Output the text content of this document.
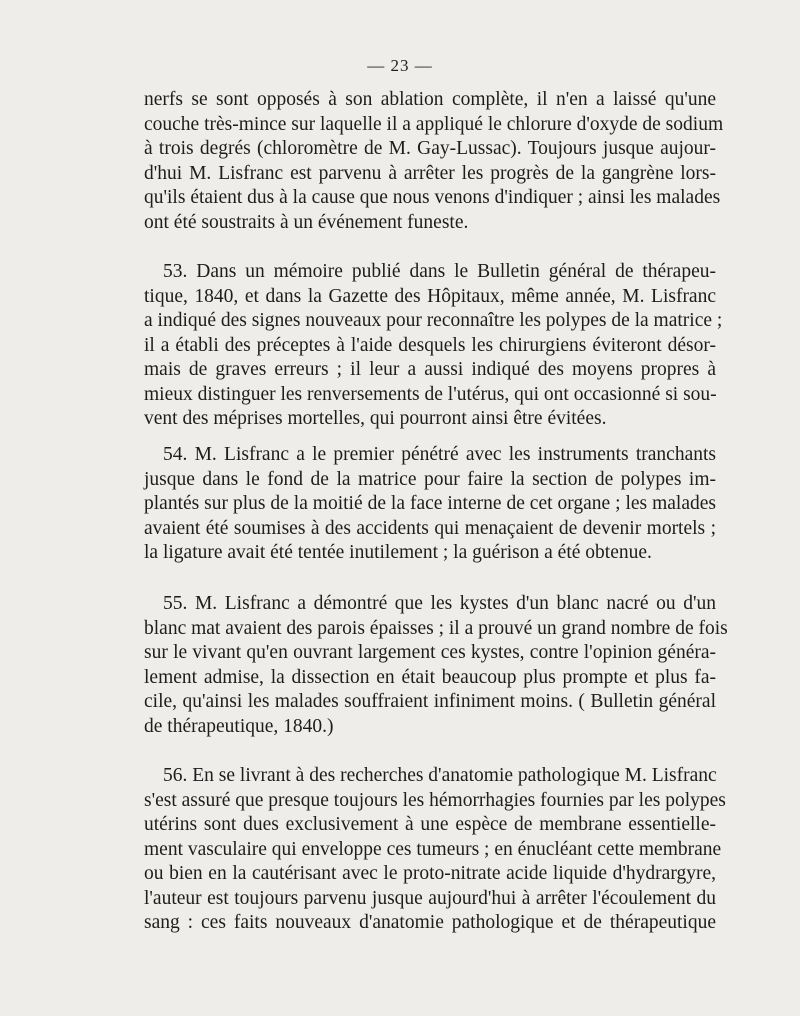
— 23 —
nerfs se sont opposés à son ablation complète, il n'en a laissé qu'une
couche très-mince sur laquelle il a appliqué le chlorure d'oxyde de sodium
à trois degrés (chloromètre de M. Gay-Lussac). Toujours jusque aujour-
d'hui M. Lisfranc est parvenu à arrêter les progrès de la gangrène lors-
qu'ils étaient dus à la cause que nous venons d'indiquer ; ainsi les malades
ont été soustraits à un événement funeste.
53. Dans un mémoire publié dans le Bulletin général de thérapeu-
tique, 1840, et dans la Gazette des Hôpitaux, même année, M. Lisfranc
a indiqué des signes nouveaux pour reconnaître les polypes de la matrice ;
il a établi des préceptes à l'aide desquels les chirurgiens éviteront désor-
mais de graves erreurs ; il leur a aussi indiqué des moyens propres à
mieux distinguer les renversements de l'utérus, qui ont occasionné si sou-
vent des méprises mortelles, qui pourront ainsi être évitées.
54. M. Lisfranc a le premier pénétré avec les instruments tranchants
jusque dans le fond de la matrice pour faire la section de polypes im-
plantés sur plus de la moitié de la face interne de cet organe ; les malades
avaient été soumises à des accidents qui menaçaient de devenir mortels ;
la ligature avait été tentée inutilement ; la guérison a été obtenue.
55. M. Lisfranc a démontré que les kystes d'un blanc nacré ou d'un
blanc mat avaient des parois épaisses ; il a prouvé un grand nombre de fois
sur le vivant qu'en ouvrant largement ces kystes, contre l'opinion généra-
lement admise, la dissection en était beaucoup plus prompte et plus fa-
cile, qu'ainsi les malades souffraient infiniment moins. ( Bulletin général
de thérapeutique, 1840.)
56. En se livrant à des recherches d'anatomie pathologique M. Lisfranc
s'est assuré que presque toujours les hémorrhagies fournies par les polypes
utérins sont dues exclusivement à une espèce de membrane essentielle-
ment vasculaire qui enveloppe ces tumeurs ; en énucléant cette membrane
ou bien en la cautérisant avec le proto-nitrate acide liquide d'hydrargyre,
l'auteur est toujours parvenu jusque aujourd'hui à arrêter l'écoulement du
sang : ces faits nouveaux d'anatomie pathologique et de thérapeutique
